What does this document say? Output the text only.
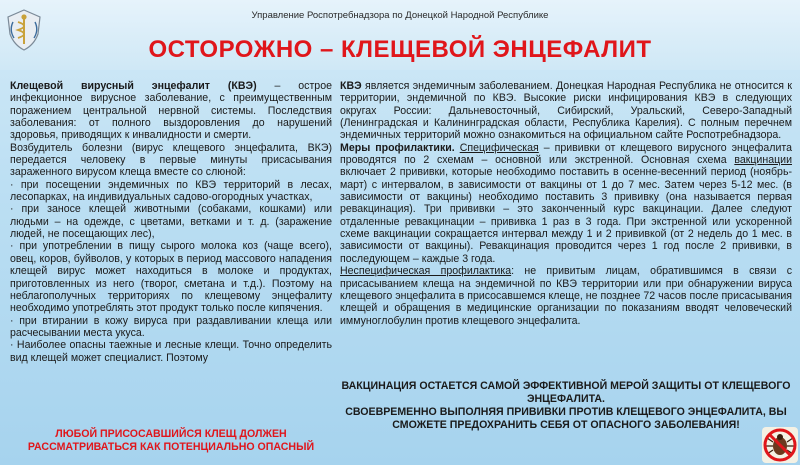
Управление Роспотребнадзора по Донецкой Народной Республике
ОСТОРОЖНО – КЛЕЩЕВОЙ ЭНЦЕФАЛИТ

Клещевой вирусный энцефалит (КВЭ) – острое инфекционное вирусное заболевание, с преимущественным поражением центральной нервной системы. Последствия заболевания: от полного выздоровления до нарушений здоровья, приводящих к инвалидности и смерти.

Возбудитель болезни (вирус клещевого энцефалита, ВКЭ) передается человеку в первые минуты присасывания зараженного вирусом клеща вместе со слюной:

· при посещении эндемичных по КВЭ территорий в лесах, лесопарках, на индивидуальных садово-огородных участках,

· при заносе клещей животными (собаками, кошками) или людьми – на одежде, с цветами, ветками и т. д. (заражение людей, не посещающих лес),

· при употреблении в пищу сырого молока коз (чаще всего), овец, коров, буйволов, у которых в период массового нападения клещей вирус может находиться в молоке и продуктах, приготовленных из него (творог, сметана и т.д.). Поэтому на неблагополучных территориях по клещевому энцефалиту необходимо употреблять этот продукт только после кипячения.

· при втирании в кожу вируса при раздавливании клеща или расчесывании места укуса.

· Наиболее опасны таежные и лесные клещи. Точно определить вид клещей может специалист. Поэтому

ЛЮБОЙ ПРИСОСАВШИЙСЯ КЛЕЩ ДОЛЖЕН
РАССМАТРИВАТЬСЯ КАК ПОТЕНЦИАЛЬНО ОПАСНЫЙ

КВЭ является эндемичным заболеванием. Донецкая Народная Республика не относится к территории, эндемичной по КВЭ. Высокие риски инфицирования КВЭ в следующих округах России: Дальневосточный, Сибирский, Уральский, Северо-Западный (Ленинградская и Калининградская области, Республика Карелия). С полным перечнем эндемичных территорий можно ознакомиться на официальном сайте Роспотребнадзора.

Меры профилактики. Специфическая – прививки от клещевого вирусного энцефалита проводятся по 2 схемам – основной или экстренной. Основная схема вакцинации включает 2 прививки, которые необходимо поставить в осенне-весенний период (ноябрь-март) с интервалом, в зависимости от вакцины от 1 до 7 мес. Затем через 5-12 мес. (в зависимости от вакцины) необходимо поставить 3 прививку (она называется первая ревакцинация). Три прививки – это законченный курс вакцинации. Далее следуют отдаленные ревакцинации – прививка 1 раз в 3 года. При экстренной или ускоренной схеме вакцинации сокращается интервал между 1 и 2 прививкой (от 2 недель до 1 мес. в зависимости от вакцины). Ревакцинация проводится через 1 год после 2 прививки, в последующем – каждые 3 года.

Неспецифическая профилактика: не привитым лицам, обратившимся в связи с присасыванием клеща на эндемичной по КВЭ территории или при обнаружении вируса клещевого энцефалита в присосавшемся клеще, не позднее 72 часов после присасывания клещей и обращения в медицинские организации по показаниям вводят человеческий иммуноглобулин против клещевого энцефалита.

ВАКЦИНАЦИЯ ОСТАЕТСЯ САМОЙ ЭФФЕКТИВНОЙ МЕРОЙ ЗАЩИТЫ ОТ КЛЕЩЕВОГО ЭНЦЕФАЛИТА.
СВОЕВРЕМЕННО ВЫПОЛНЯЯ ПРИВИВКИ ПРОТИВ КЛЕЩЕВОГО ЭНЦЕФАЛИТА, ВЫ СМОЖЕТЕ ПРЕДОХРАНИТЬ СЕБЯ ОТ ОПАСНОГО ЗАБОЛЕВАНИЯ!
